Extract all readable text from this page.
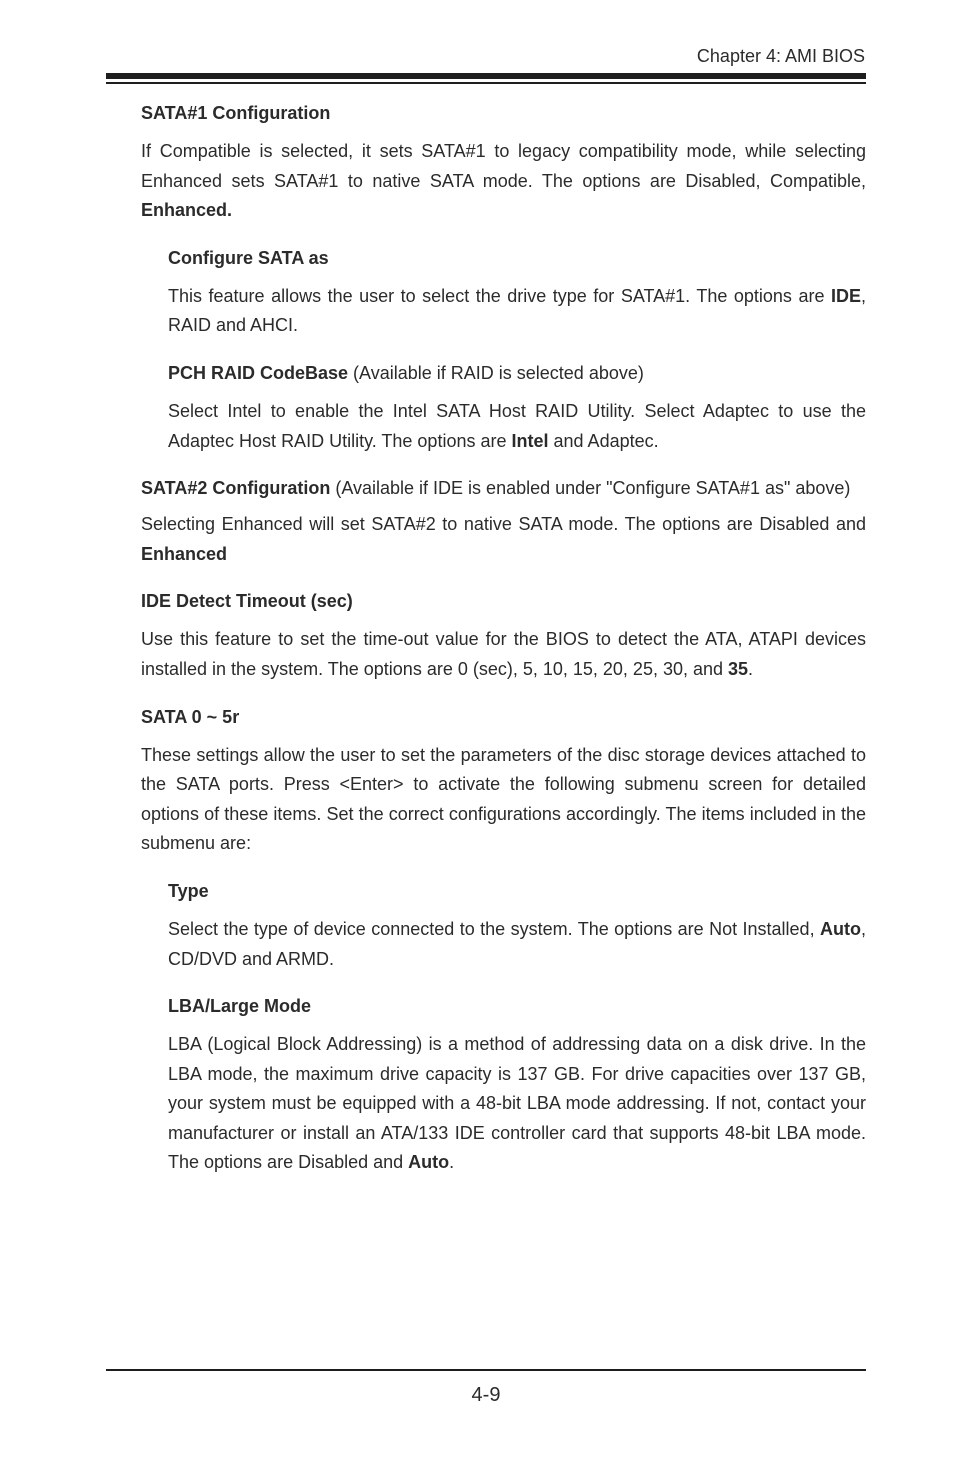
Chapter 4: AMI BIOS
SATA#1 Configuration

If Compatible is selected, it sets SATA#1 to legacy compatibility mode, while selecting Enhanced sets SATA#1 to native SATA mode. The options are Disabled, Compatible, Enhanced.

Configure SATA as

This feature allows the user to select the drive type for SATA#1. The options are IDE, RAID and AHCI.

PCH RAID CodeBase (Available if RAID is selected above)

Select Intel to enable the Intel SATA Host RAID Utility. Select Adaptec to use the Adaptec Host RAID Utility. The options are Intel and Adaptec.

SATA#2 Configuration (Available if IDE is enabled under "Configure SATA#1 as" above)

Selecting Enhanced will set SATA#2 to native SATA mode. The options are Disabled and Enhanced

IDE Detect Timeout (sec)

Use this feature to set the time-out value for the BIOS to detect the ATA, ATAPI devices installed in the system. The options are 0 (sec), 5, 10, 15, 20, 25, 30, and 35.

SATA 0 ~ 5r

These settings allow the user to set the parameters of the disc storage devices attached to the SATA ports. Press <Enter> to activate the following submenu screen for detailed options of these items. Set the correct configurations accordingly. The items included in the submenu are:

Type

Select the type of device connected to the system. The options are Not Installed, Auto, CD/DVD and ARMD.

LBA/Large Mode

LBA (Logical Block Addressing) is a method of addressing data on a disk drive. In the LBA mode, the maximum drive capacity is 137 GB. For drive capacities over 137 GB, your system must be equipped with a 48-bit LBA mode addressing. If not, contact your manufacturer or install an ATA/133 IDE controller card that supports 48-bit LBA mode. The options are Disabled and Auto.

4-9
